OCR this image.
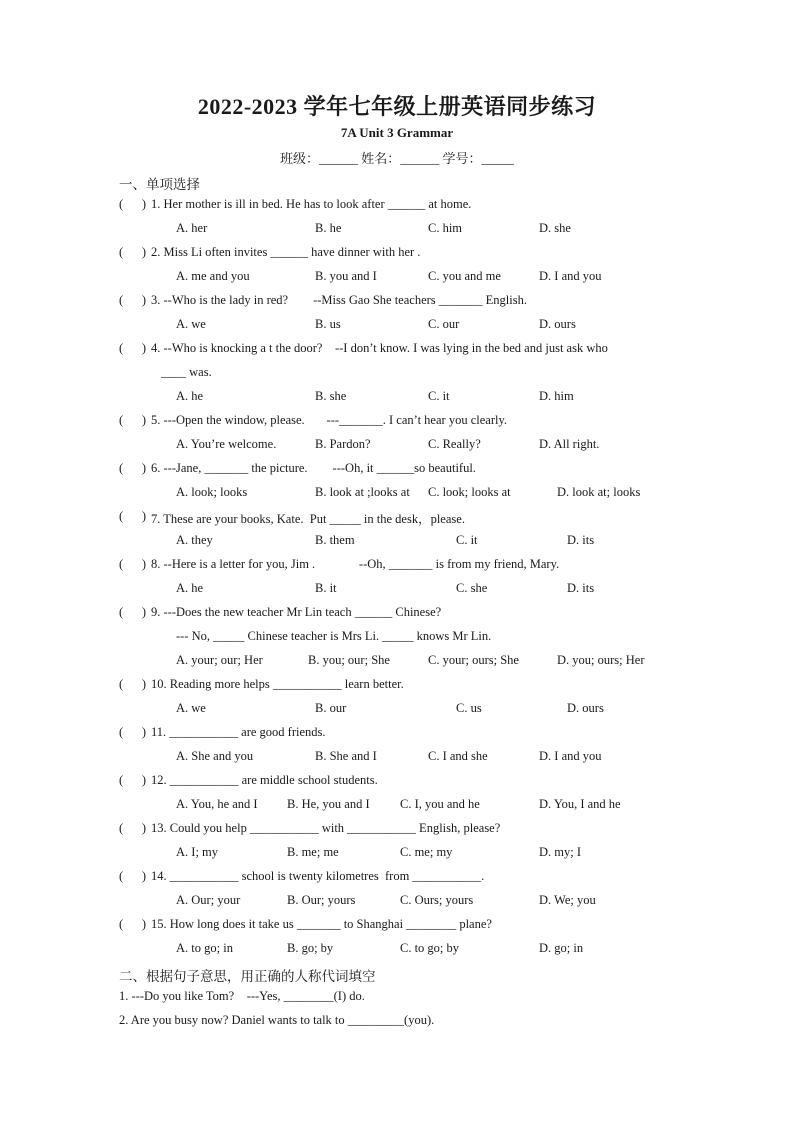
2022-2023 学年七年级上册英语同步练习
7A Unit 3 Grammar
班级：______ 姓名：______ 学号：_____
一、单项选择
(      ) 1. Her mother is ill in bed. He has to look after ______ at home.
A. her	B. he	C. him	D. she
(      ) 2. Miss Li often invites ______ have dinner with her .
A. me and you	B. you and I	C. you and me	D. I and you
(      ) 3. --Who is the lady in red?        --Miss Gao She teachers _______ English.
A. we	B. us	C. our	D. ours
(      ) 4. --Who is knocking a t the door?    --I don’t know. I was lying in the bed and just ask who
____ was.
A. he	B. she	C. it	D. him
(      ) 5. ---Open the window, please.       ---_______. I can’t hear you clearly.
A. You’re welcome.	B. Pardon?	C. Really?	D. All right.
(      ) 6. ---Jane, _______ the picture.        ---Oh, it ______so beautiful.
A. look; looks	B. look at ;looks at C. look; looks at	D. look at; looks
(      ) 7. These are your books, Kate.  Put _____ in the desk，please.
A. they	B. them	C. it	D. its
(      ) 8. --Here is a letter for you, Jim .              --Oh, _______ is from my friend, Mary.
A. he	B. it	C. she	D. its
(      ) 9. ---Does the new teacher Mr Lin teach ______ Chinese?
--- No, _____ Chinese teacher is Mrs Li. _____ knows Mr Lin.
A. your; our; Her	B. you; our; She	C. your; ours; She	D. you; ours; Her
(      ) 10. Reading more helps ___________ learn better.
A. we	B. our	C. us	D. ours
(      ) 11. ___________ are good friends.
A. She and you	B. She and I	C. I and she	D. I and you
(      ) 12. ___________ are middle school students.
A. You, he and I B. He, you and I C. I, you and he	D. You, I and he
(      ) 13. Could you help ___________ with ___________ English, please?
A. I; my	B. me; me	C. me; my	D. my; I
(      ) 14. ___________ school is twenty kilometres  from ___________.
A. Our; your	B. Our; yours	C. Ours; yours	D. We; you
(      ) 15. How long does it take us _______ to Shanghai ________ plane?
A. to go; in	B. go; by	C. to go; by	D. go; in
二、根据句子意思，用正确的人称代词填空
1. ---Do you like Tom?    ---Yes, ________(I) do.
2. Are you busy now? Daniel wants to talk to _________(you).
